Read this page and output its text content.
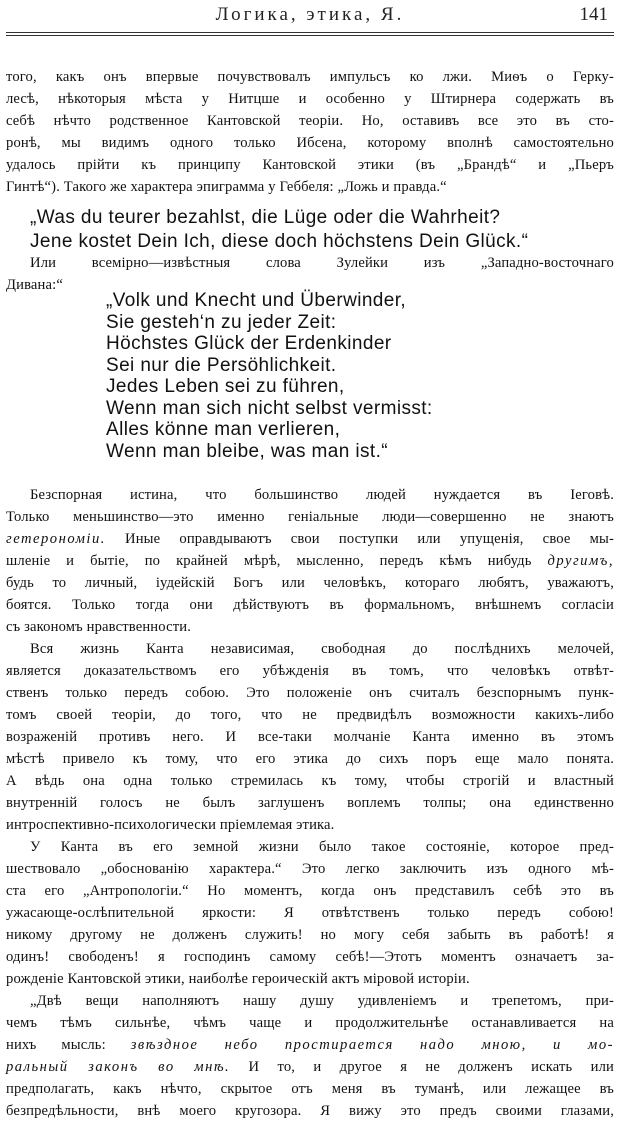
Логика, этика, Я.	141
того, какъ онъ впервые почувствовалъ импульсъ ко лжи. Миѳъ о Герку-
лесѣ, нѣкоторыя мѣста у Нитцше и особенно у Штирнера содержать въ
себѣ нѣчто родственное Кантовской теоріи. Но, оставивъ все это въ сто-
ронѣ, мы видимъ одного только Ибсена, которому вполнѣ самостоятельно
удалось прійти къ принципу Кантовской этики (въ „Брандѣ“ и „Пьеръ
Гинтѣ“). Такого же характера эпиграмма у Геббеля: „Ложь и правда.“
„Was du teurer bezahlst, die Lüge oder die Wahrheit?
Jene kostet Dein Ich, diese doch höchstens Dein Glück.“
Или всемірно—извѣстныя слова Зулейки изъ „Западно-восточнаго
Дивана:“
„Volk und Knecht und Überwinder,
Sie gesteh‘n zu jeder Zeit:
Höchstes Glück der Erdenkinder
Sei nur die Persöhlichkeit.
Jedes Leben sei zu führen,
Wenn man sich nicht selbst vermisst:
Alles könne man verlieren,
Wenn man bleibe, was man ist.“
Безспорная истина, что большинство людей нуждается въ Іеговѣ.
Только меньшинство—это именно геніальные люди—совершенно не знаютъ
гетерономіи. Иные оправдываютъ свои поступки или упущенія, свое мы-
шленіе и бытіе, по крайней мѣрѣ, мысленно, передъ кѣмъ нибудь другимъ,
будь то личный, іудейскій Богъ или человѣкъ, котораго любятъ, уважаютъ,
боятся. Только тогда они дѣйствуютъ въ формальномъ, внѣшнемъ согласіи
съ закономъ нравственности.
Вся жизнь Канта независимая, свободная до послѣднихъ мелочей,
является доказательствомъ его убѣжденія въ томъ, что человѣкъ отвѣт-
ственъ только передъ собою. Это положеніе онъ считалъ безспорнымъ пунк-
томъ своей теоріи, до того, что не предвидѣлъ возможности какихъ-либо
возраженій противъ него. И все-таки молчаніе Канта именно въ этомъ
мѣстѣ привело къ тому, что его этика до сихъ поръ еще мало понята.
А вѣдь она одна только стремилась къ тому, чтобы строгій и властный
внутренній голосъ не былъ заглушенъ воплемъ толпы; она единственно
интроспективно-психологически пріемлемая этика.
У Канта въ его земной жизни было такое состояніе, которое пред-
шествовало „обоснованію характера.“ Это легко заключить изъ одного мѣ-
ста его „Антропологіи.“ Но моментъ, когда онъ представилъ себѣ это въ
ужасающе-ослѣпительной яркости: Я отвѣтственъ только передъ собою!
никому другому не долженъ служить! но могу себя забыть въ работѣ! я
одинъ! свободенъ! я господинъ самому себѣ!—Этотъ моментъ означаетъ за-
рожденіе Кантовской этики, наиболѣе героическій актъ міровой исторіи.
„Двѣ вещи наполняютъ нашу душу удивленіемъ и трепетомъ, при-
чемъ тѣмъ сильнѣе, чѣмъ чаще и продолжительнѣе останавливается на
нихъ мысль: звѣздное небо простирается надо мною, и мо-
ральный законъ во мнѣ. И то, и другое я не долженъ искать или
предполагать, какъ нѣчто, скрытое отъ меня въ туманѣ, или лежащее въ
безпредѣльности, внѣ моего кругозора. Я вижу это предъ своими глазами,
